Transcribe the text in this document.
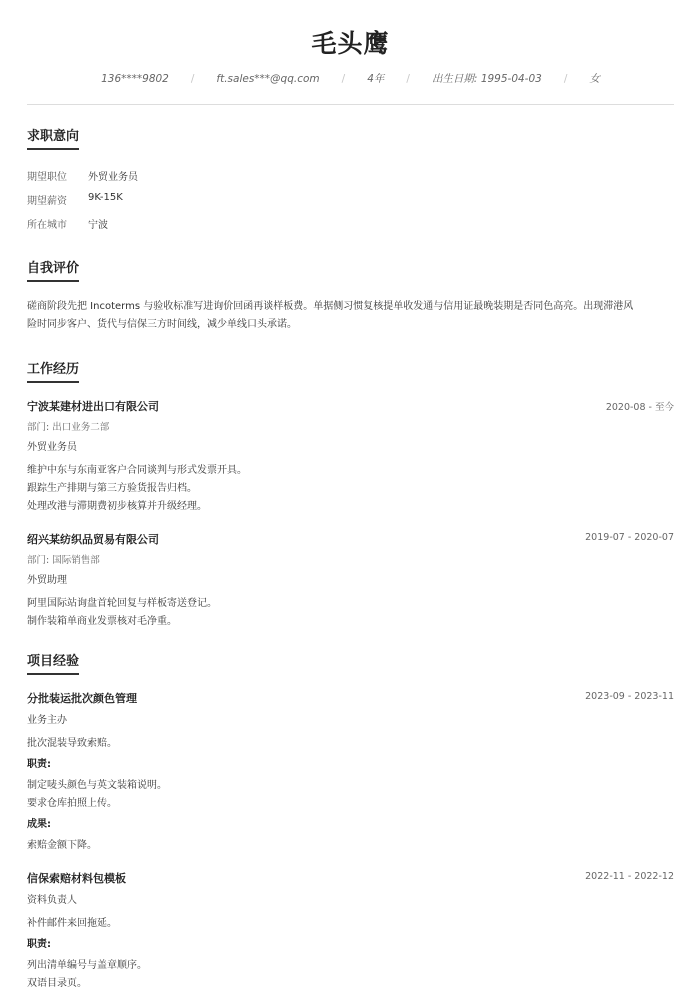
毛头鹰
136****9802	/	ft.sales***@qq.com	/	4年	/	出生日期: 1995-04-03	/	女
求职意向
期望职位	外贸业务员
期望薪资	9K-15K
所在城市	宁波
自我评价
磋商阶段先把 Incoterms 与验收标准写进询价回函再谈样板费。单据侧习惯复核提单收发通与信用证最晚装期是否同色高亮。出现滞港风
险时同步客户、货代与信保三方时间线，减少单线口头承诺。
工作经历
宁波某建材进出口有限公司	2020-08 - 至今
部门: 出口业务二部
外贸业务员
维护中东与东南亚客户合同谈判与形式发票开具。
跟踪生产排期与第三方验货报告归档。
处理改港与滞期费初步核算并升级经理。
绍兴某纺织品贸易有限公司	2019-07 - 2020-07
部门: 国际销售部
外贸助理
阿里国际站询盘首轮回复与样板寄送登记。
制作装箱单商业发票核对毛净重。
项目经验
分批装运批次颜色管理	2023-09 - 2023-11
业务主办
批次混装导致索赔。
职责:
制定唛头颜色与英文装箱说明。
要求仓库拍照上传。
成果:
索赔金额下降。
信保索赔材料包模板	2022-11 - 2022-12
资料负责人
补件邮件来回拖延。
职责:
列出清单编号与盖章顺序。
双语目录页。
